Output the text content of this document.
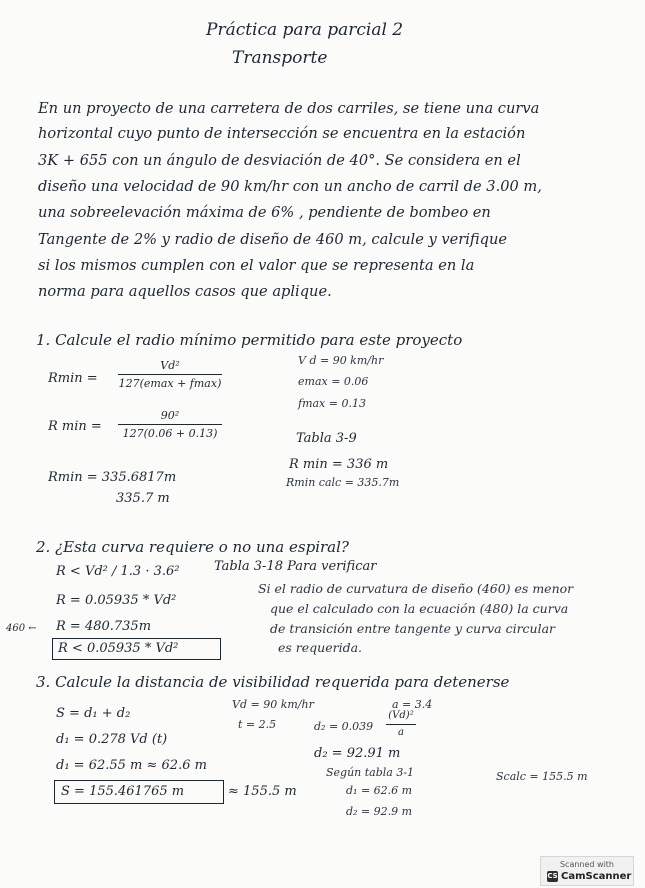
Práctica para parcial 2
Transporte
En un proyecto de una carretera de dos carriles, se tiene una curva
horizontal cuyo punto de intersección se encuentra en la estación
3K + 655 con un ángulo de desviación de 40°. Se considera en el
diseño una velocidad de 90 km/hr con un ancho de carril de 3.00 m,
una sobreelevación máxima de 6% , pendiente de bombeo en
Tangente de 2% y radio de diseño de 460 m, calcule y verifique
si los mismos cumplen con el valor que se representa en la
norma para aquellos casos que aplique.
1. Calcule el radio mínimo permitido para este proyecto
Rmin =
Vd²
127(emax + fmax)
R min =
90²
127(0.06 + 0.13)
Rmin = 335.6817m
335.7 m
V d = 90 km/hr
emax = 0.06
fmax = 0.13
Tabla 3-9
R min = 336 m
Rmin calc = 335.7m
2. ¿Esta curva requiere o no una espiral?
R < Vd² / 1.3 · 3.6²	Tabla 3-18 Para verificar
R = 0.05935 * Vd²
460 ← R = 480.735m
R < 0.05935 * Vd²
Si el radio de curvatura de diseño (460) es menor
que el calculado con la ecuación (480) la curva
de transición entre tangente y curva circular
es requerida.
3. Calcule la distancia de visibilidad requerida para detenerse
S = d₁ + d₂
d₁ = 0.278 Vd (t)
d₁ = 62.55 m ≈ 62.6 m
S = 155.461765 m	≈ 155.5 m
Vd = 90 km/hr
t = 2.5
a = 3.4
d₂ = 0.039
(Vd)²
a
d₂ = 92.91 m
Según tabla 3-1
d₁ = 62.6 m
d₂ = 92.9 m
Scalc = 155.5 m
Scanned with
CS CamScanner
